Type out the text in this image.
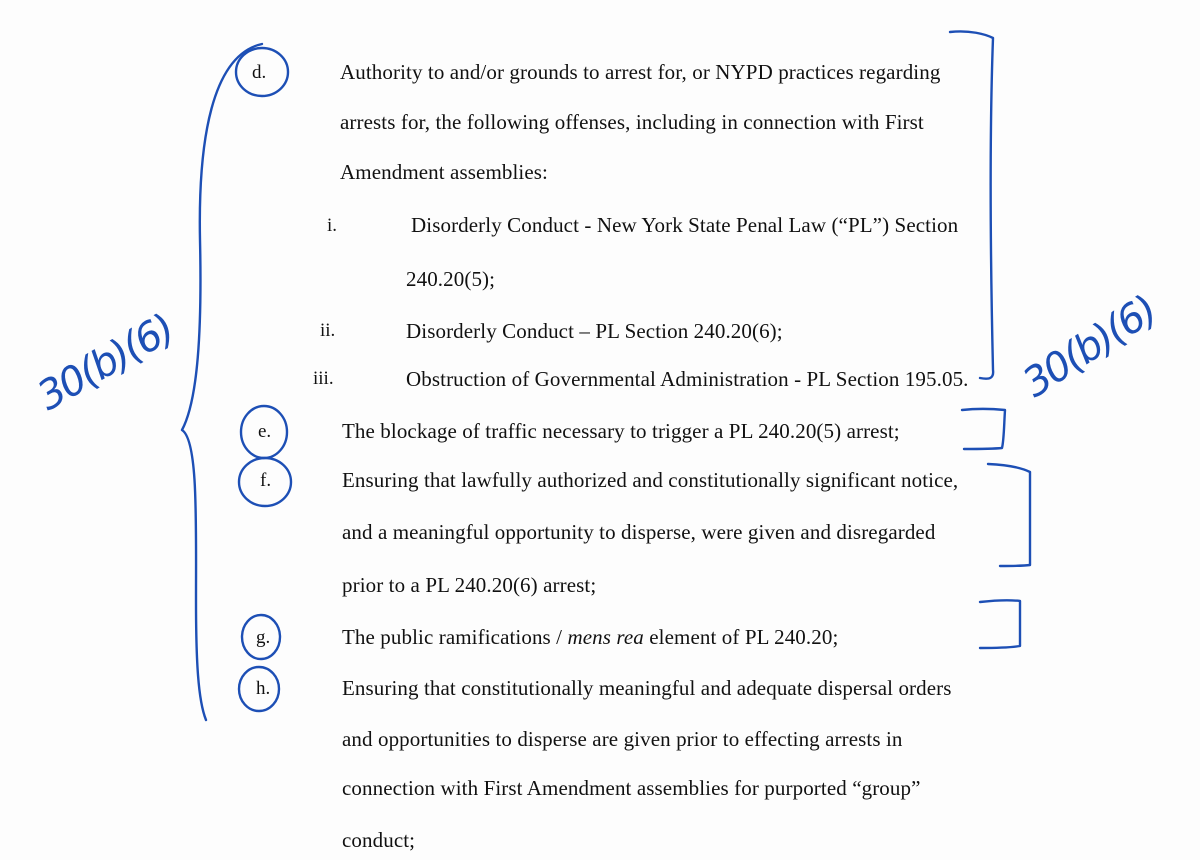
d.	Authority to and/or grounds to arrest for, or NYPD practices regarding
arrests for, the following offenses, including in connection with First
Amendment assemblies:
i.	Disorderly Conduct - New York State Penal Law (“PL”) Section
240.20(5);
ii.	Disorderly Conduct – PL Section 240.20(6);
iii.	Obstruction of Governmental Administration - PL Section 195.05.
e.	The blockage of traffic necessary to trigger a PL 240.20(5) arrest;
f.	Ensuring that lawfully authorized and constitutionally significant notice,
and a meaningful opportunity to disperse, were given and disregarded
prior to a PL 240.20(6) arrest;
g.	The public ramifications / mens rea element of PL 240.20;
h.	Ensuring that constitutionally meaningful and adequate dispersal orders
and opportunities to disperse are given prior to effecting arrests in
connection with First Amendment assemblies for purported “group”
conduct;
30(b)(6)	30(b)(6)
